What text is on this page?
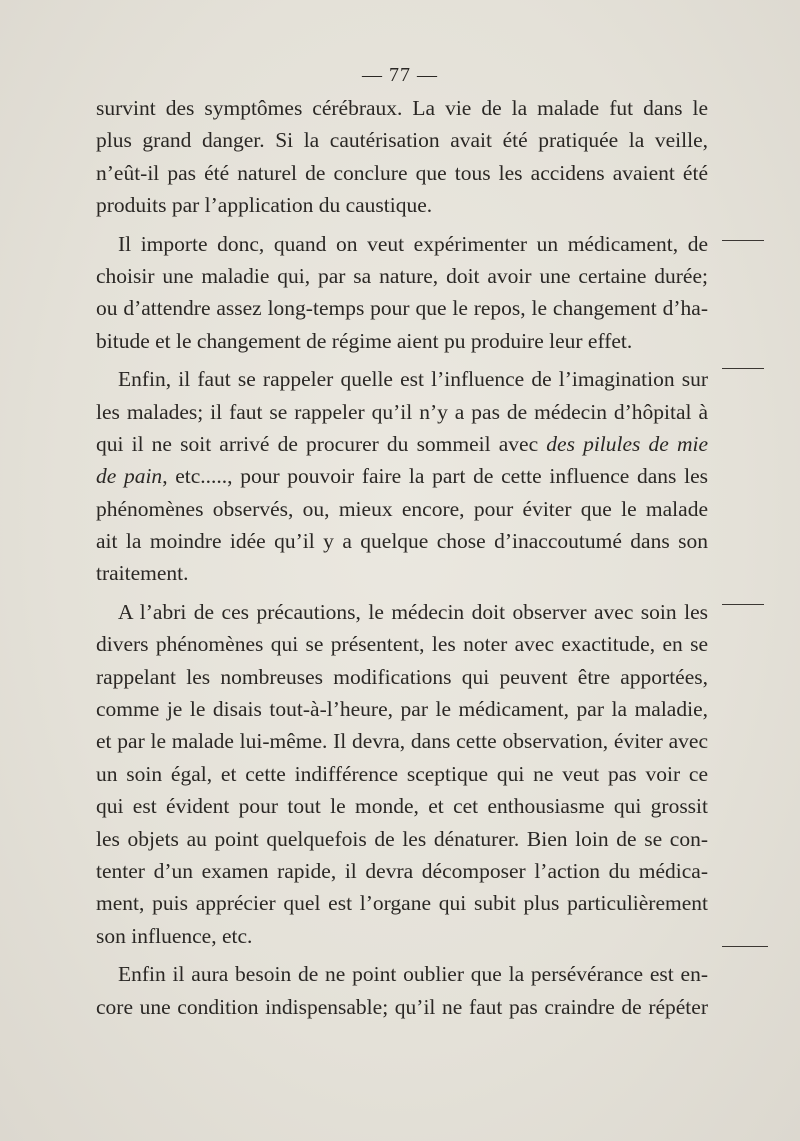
— 77 —
survint des symptômes cérébraux. La vie de la malade fut dans le
plus grand danger. Si la cautérisation avait été pratiquée la veille,
n’eût-il pas été naturel de conclure que tous les accidens avaient été
produits par l’application du caustique.
Il importe donc, quand on veut expérimenter un médicament, de
choisir une maladie qui, par sa nature, doit avoir une certaine durée;
ou d’attendre assez long-temps pour que le repos, le changement d’ha-
bitude et le changement de régime aient pu produire leur effet.
Enfin, il faut se rappeler quelle est l’influence de l’imagination sur
les malades; il faut se rappeler qu’il n’y a pas de médecin d’hôpital à
qui il ne soit arrivé de procurer du sommeil avec des pilules de mie
de pain, etc....., pour pouvoir faire la part de cette influence dans les
phénomènes observés, ou, mieux encore, pour éviter que le malade
ait la moindre idée qu’il y a quelque chose d’inaccoutumé dans son
traitement.
A l’abri de ces précautions, le médecin doit observer avec soin les
divers phénomènes qui se présentent, les noter avec exactitude, en se
rappelant les nombreuses modifications qui peuvent être apportées,
comme je le disais tout-à-l’heure, par le médicament, par la maladie,
et par le malade lui-même. Il devra, dans cette observation, éviter avec
un soin égal, et cette indifférence sceptique qui ne veut pas voir ce
qui est évident pour tout le monde, et cet enthousiasme qui grossit
les objets au point quelquefois de les dénaturer. Bien loin de se con-
tenter d’un examen rapide, il devra décomposer l’action du médica-
ment, puis apprécier quel est l’organe qui subit plus particulièrement
son influence, etc.
Enfin il aura besoin de ne point oublier que la persévérance est en-
core une condition indispensable; qu’il ne faut pas craindre de répéter
